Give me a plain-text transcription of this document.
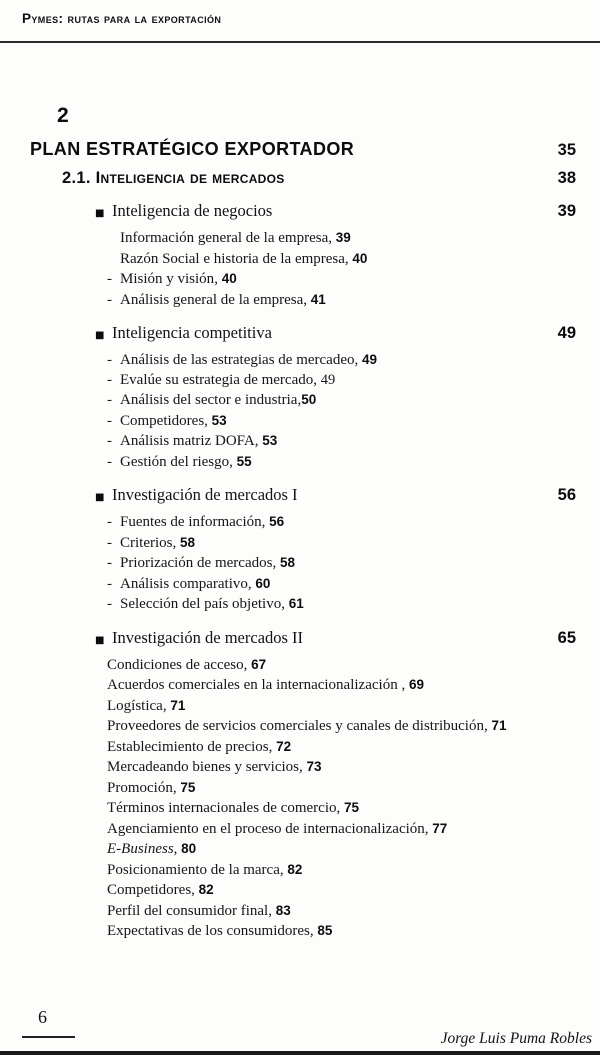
Pymes: rutas para la exportación
2
PLAN ESTRATÉGICO EXPORTADOR	35
2.1. Inteligencia de mercados	38
■ Inteligencia de negocios	39
Información general de la empresa, 39
Razón Social e historia de la empresa, 40
- Misión y visión, 40
- Análisis general de la empresa, 41
■ Inteligencia competitiva	49
- Análisis de las estrategias de mercadeo, 49
- Evalúe su estrategia de mercado, 49
- Análisis del sector e industria,50
- Competidores, 53
- Análisis matriz DOFA, 53
- Gestión del riesgo, 55
■ Investigación de mercados I	56
- Fuentes de información, 56
- Criterios, 58
- Priorización de mercados, 58
- Análisis comparativo, 60
- Selección del país objetivo, 61
■ Investigación de mercados II	65
Condiciones de acceso, 67
Acuerdos comerciales en la internacionalización , 69
Logística, 71
Proveedores de servicios comerciales y canales de distribución, 71
Establecimiento de precios, 72
Mercadeando bienes y servicios, 73
Promoción, 75
Términos internacionales de comercio, 75
Agenciamiento en el proceso de internacionalización, 77
E-Business, 80
Posicionamiento de la marca, 82
Competidores, 82
Perfil del consumidor final, 83
Expectativas de los consumidores, 85
6
Jorge Luis Puma Robles
